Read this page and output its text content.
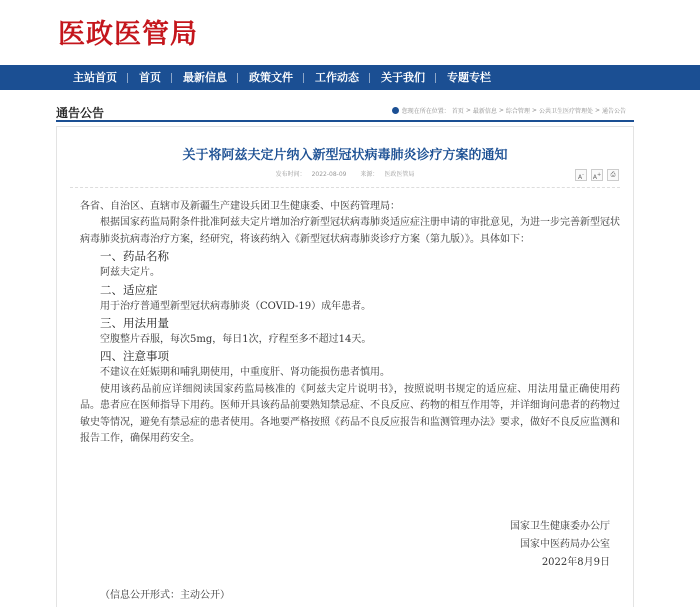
医政医管局
主站首页	首页	最新信息	政策文件	工作动态	关于我们	专题专栏
通告公告	您现在所在位置： 首页 > 最新信息 > 综合管理 > 公共卫生医疗管理处 > 通告公告
关于将阿兹夫定片纳入新型冠状病毒肺炎诊疗方案的通知
发布时间： 2022-08-09 来源： 医政医管局	A-	A+	⎙

各省、自治区、直辖市及新疆生产建设兵团卫生健康委、中医药管理局：

根据国家药监局附条件批准阿兹夫定片增加治疗新型冠状病毒肺炎适应症注册申请的审批意见，为进一步完善新型冠状病毒肺炎抗病毒治疗方案，经研究，将该药纳入《新型冠状病毒肺炎诊疗方案（第九版）》。具体如下：

一、药品名称

阿兹夫定片。

二、适应症

用于治疗普通型新型冠状病毒肺炎（COVID-19）成年患者。

三、用法用量

空腹整片吞服，每次5mg，每日1次，疗程至多不超过14天。

四、注意事项

不建议在妊娠期和哺乳期使用，中重度肝、肾功能损伤患者慎用。

使用该药品前应详细阅读国家药监局核准的《阿兹夫定片说明书》，按照说明书规定的适应症、用法用量正确使用药品。患者应在医师指导下用药。医师开具该药品前要熟知禁忌症、不良反应、药物的相互作用等，并详细询问患者的药物过敏史等情况，避免有禁忌症的患者使用。各地要严格按照《药品不良反应报告和监测管理办法》要求，做好不良反应监测和报告工作，确保用药安全。

国家卫生健康委办公厅
国家中医药局办公室
2022年8月9日
（信息公开形式：主动公开）
